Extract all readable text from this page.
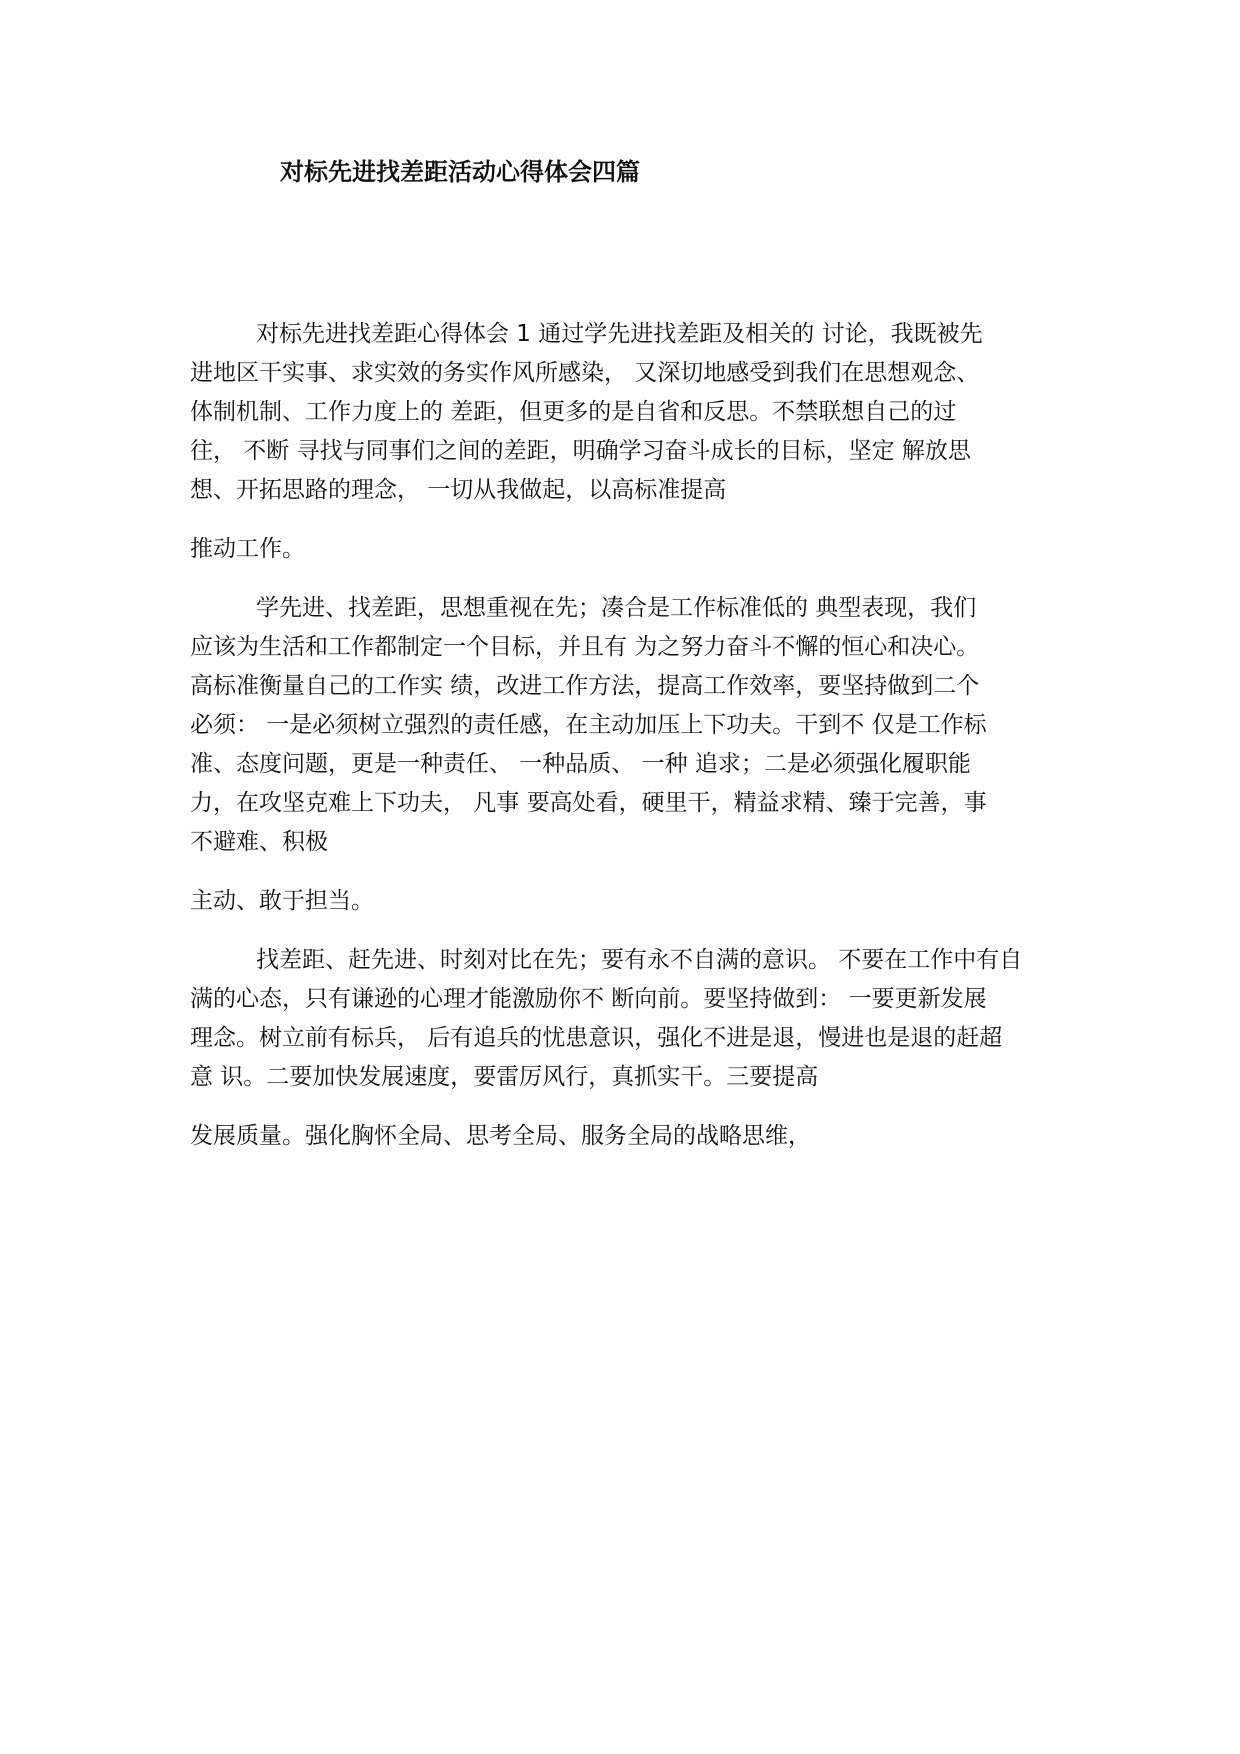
对标先进找差距活动心得体会四篇
对标先进找差距心得体会 1 通过学先进找差距及相关的 讨论，我既被先
进地区干实事、求实效的务实作风所感染， 又深切地感受到我们在思想观念、
体制机制、工作力度上的 差距，但更多的是自省和反思。不禁联想自己的过
往， 不断 寻找与同事们之间的差距，明确学习奋斗成长的目标，坚定 解放思
想、开拓思路的理念， 一切从我做起，以高标准提高
推动工作。
学先进、找差距，思想重视在先；凑合是工作标准低的 典型表现，我们
应该为生活和工作都制定一个目标，并且有 为之努力奋斗不懈的恒心和决心。
高标准衡量自己的工作实 绩，改进工作方法，提高工作效率，要坚持做到二个
必须： 一是必须树立强烈的责任感，在主动加压上下功夫。干到不 仅是工作标
准、态度问题，更是一种责任、 一种品质、 一种 追求；二是必须强化履职能
力，在攻坚克难上下功夫， 凡事 要高处看，硬里干，精益求精、臻于完善，事
不避难、积极
主动、敢于担当。
找差距、赶先进、时刻对比在先；要有永不自满的意识。 不要在工作中有自
满的心态，只有谦逊的心理才能激励你不 断向前。要坚持做到： 一要更新发展
理念。树立前有标兵， 后有追兵的忧患意识，强化不进是退，慢进也是退的赶超
意 识。二要加快发展速度，要雷厉风行，真抓实干。三要提高
发展质量。强化胸怀全局、思考全局、服务全局的战略思维，
